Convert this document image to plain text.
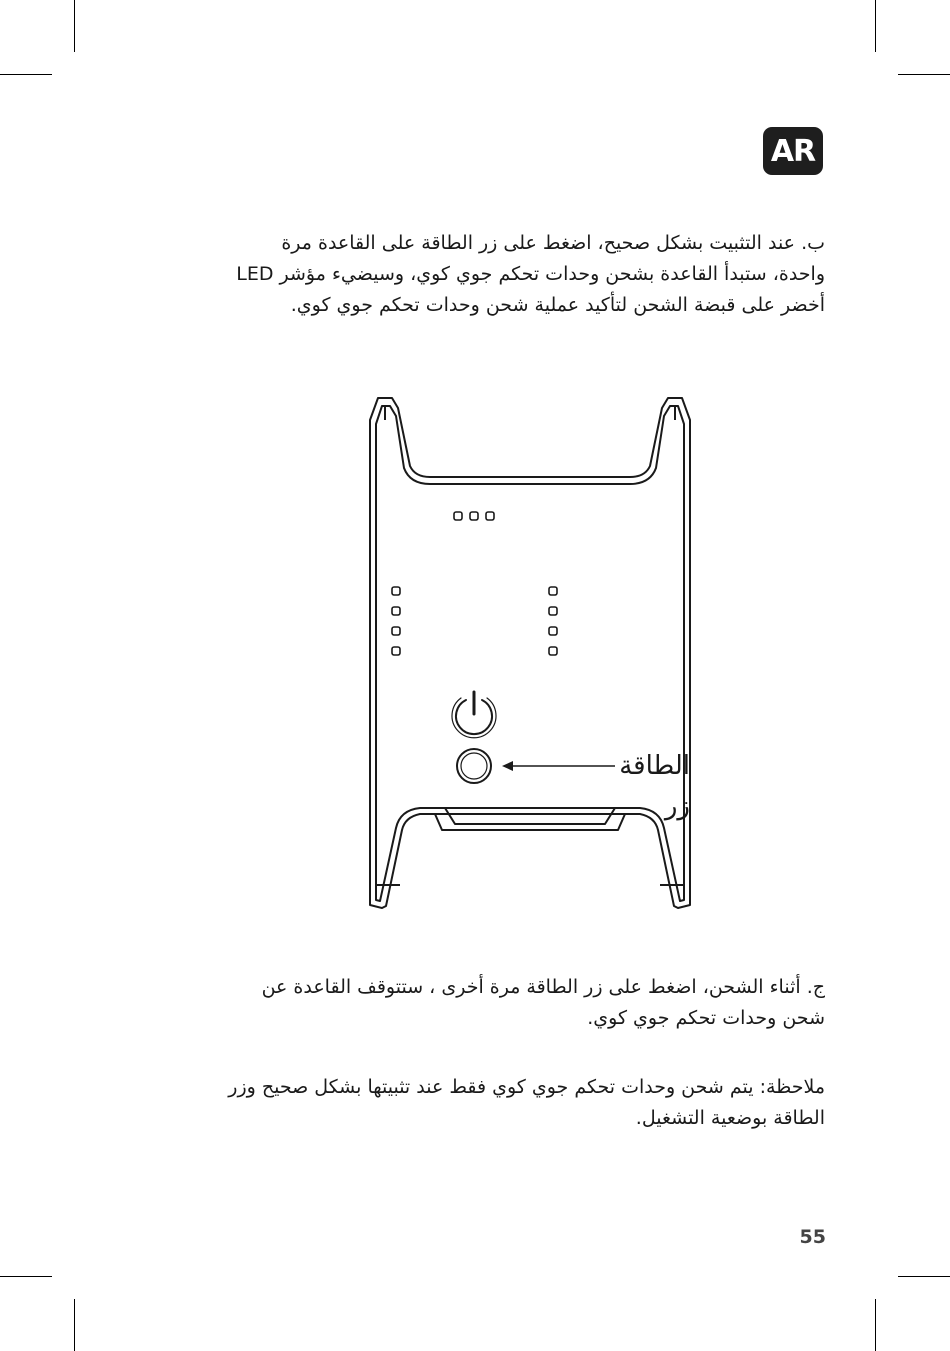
AR
ب. عند التثبيت بشكل صحيح، اضغط على زر الطاقة على القاعدة مرة
واحدة، ستبدأ القاعدة بشحن وحدات تحكم جوي كوي، وسيضيء مؤشر LED
أخضر على قبضة الشحن لتأكيد عملية شحن وحدات تحكم جوي كوي.
الطاقة
زر
ج. أثناء الشحن، اضغط على زر الطاقة مرة أخرى ، ستتوقف القاعدة عن
شحن وحدات تحكم جوي كوي.
ملاحظة: يتم شحن وحدات تحكم جوي كوي فقط عند تثبيتها بشكل صحيح وزر
الطاقة بوضعية التشغيل.
55
